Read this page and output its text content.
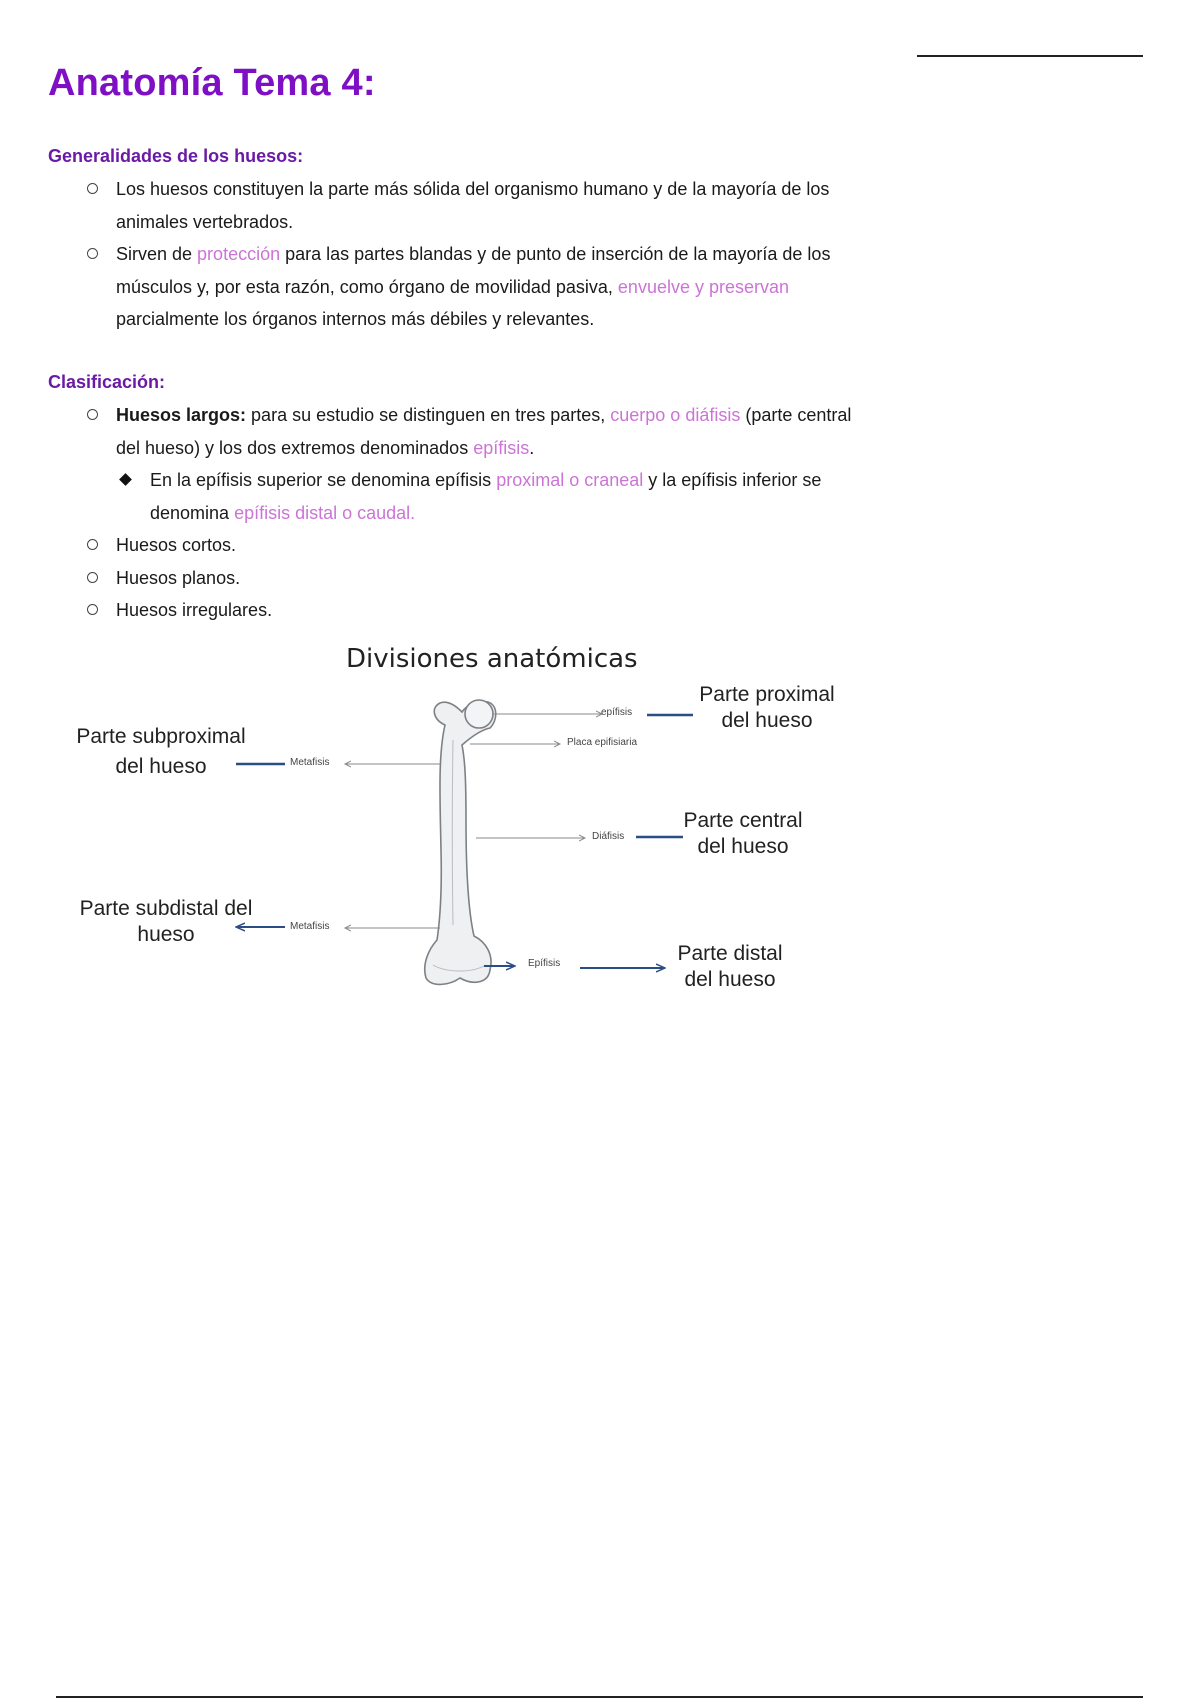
Anatomía Tema 4:
Generalidades de los huesos:
Los huesos constituyen la parte más sólida del organismo humano y de la mayoría de los animales vertebrados.
Sirven de protección para las partes blandas y de punto de inserción de la mayoría de los músculos y, por esta razón, como órgano de movilidad pasiva, envuelve y preservan parcialmente los órganos internos más débiles y relevantes.
Clasificación:
Huesos largos: para su estudio se distinguen en tres partes, cuerpo o diáfisis (parte central del hueso) y los dos extremos denominados epífisis.
En la epífisis superior se denomina epífisis proximal o craneal y la epífisis inferior se denomina epífisis distal o caudal.
Huesos cortos.
Huesos planos.
Huesos irregulares.
Divisiones anatómicas
epífisis
Placa epifisiaria
Metafisis
Diáfisis
Metafisis
Epífisis
Parte proximal del hueso
Parte subproximal del hueso
Parte central del hueso
Parte subdistal del hueso
Parte distal del hueso
